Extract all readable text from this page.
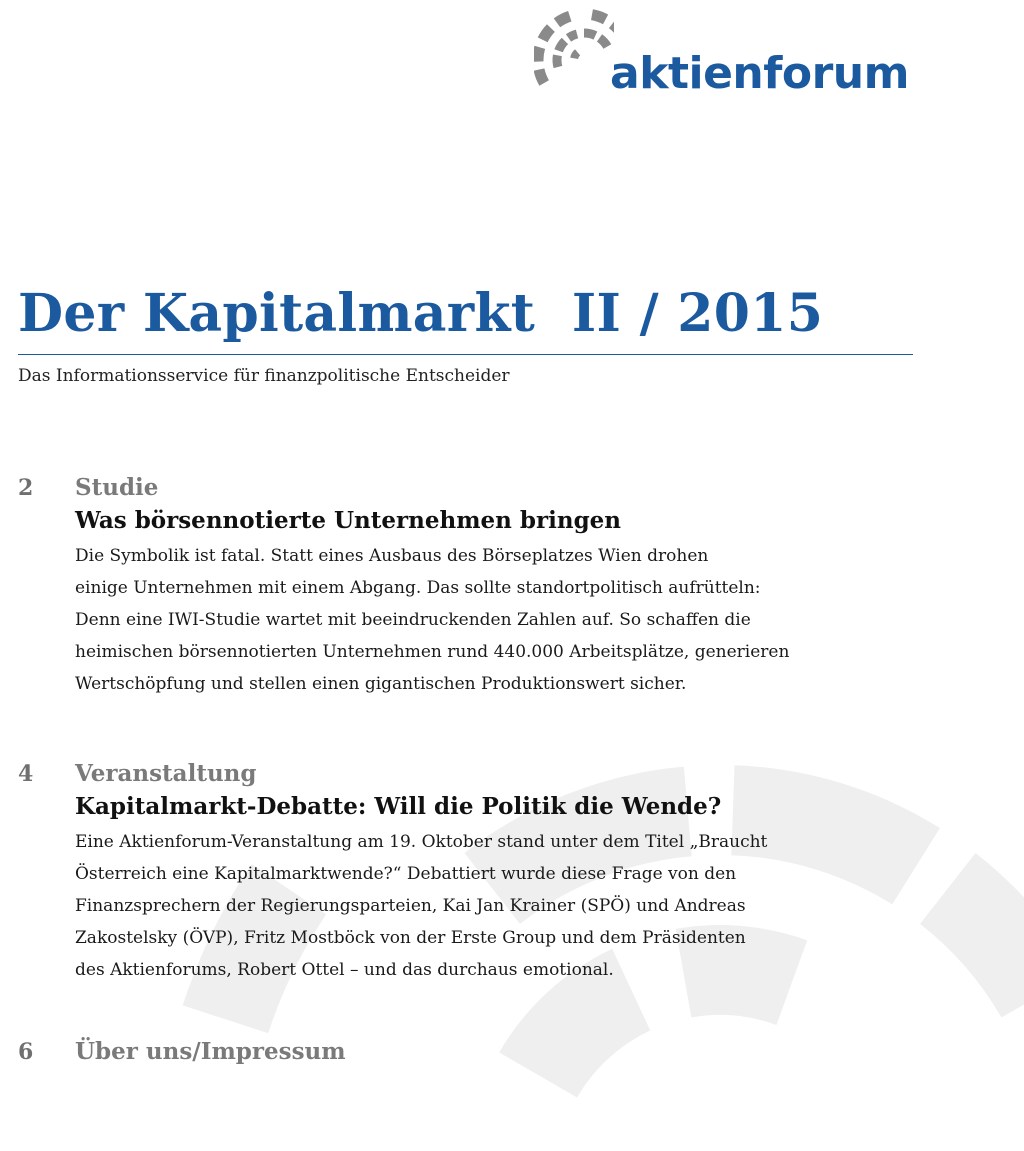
aktienforum
Der Kapitalmarkt  II / 2015
Das Informationsservice für finanzpolitische Entscheider
2 Studie
Was börsennotierte Unternehmen bringen
Die Symbolik ist fatal. Statt eines Ausbaus des Börseplatzes Wien drohen
einige Unternehmen mit einem Abgang. Das sollte standortpolitisch aufrütteln:
Denn eine IWI-Studie wartet mit beeindruckenden Zahlen auf. So schaffen die
heimischen börsennotierten Unternehmen rund 440.000 Arbeitsplätze, generieren
Wertschöpfung und stellen einen gigantischen Produktionswert sicher.
4 Veranstaltung
Kapitalmarkt-Debatte: Will die Politik die Wende?
Eine Aktienforum-Veranstaltung am 19. Oktober stand unter dem Titel „Braucht
Österreich eine Kapitalmarktwende?“ Debattiert wurde diese Frage von den
Finanzsprechern der Regierungsparteien, Kai Jan Krainer (SPÖ) und Andreas
Zakostelsky (ÖVP), Fritz Mostböck von der Erste Group und dem Präsidenten
des Aktienforums, Robert Ottel – und das durchaus emotional.
6 Über uns/Impressum
